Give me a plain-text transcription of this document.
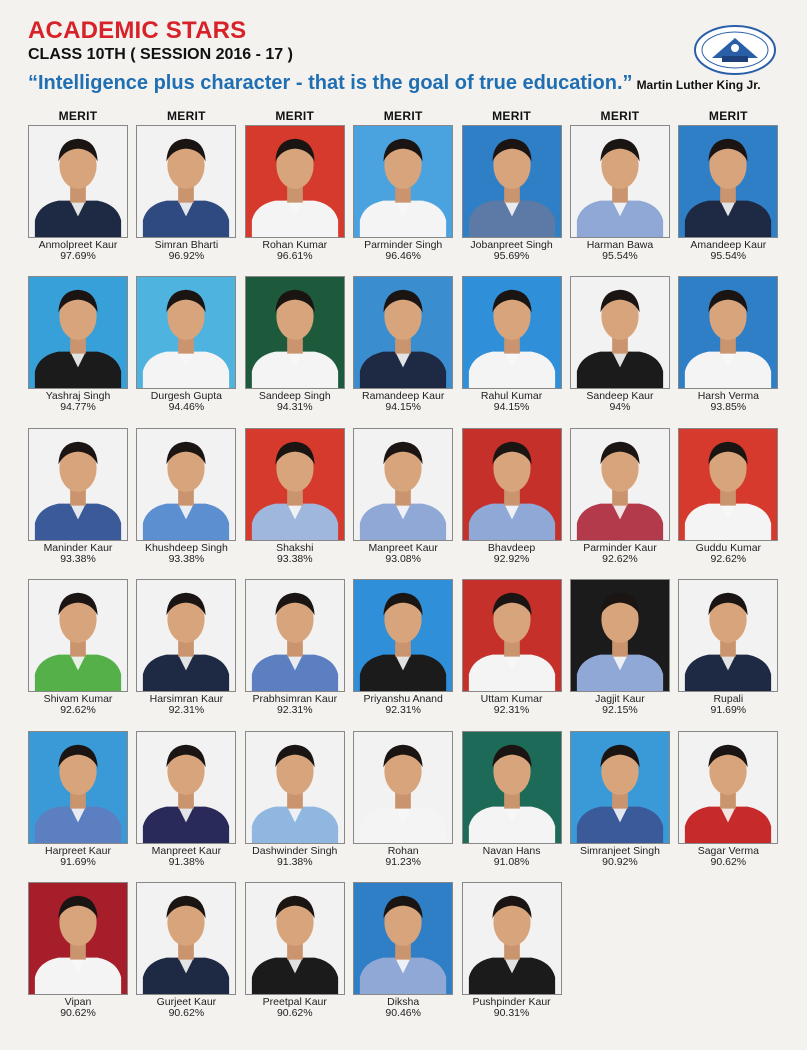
ACADEMIC STARS
CLASS 10TH ( SESSION 2016 - 17 )
“Intelligence plus character - that is the goal of true education.” Martin Luther King Jr.
MERIT
Anmolpreet Kaur
97.69%
MERIT
Simran Bharti
96.92%
MERIT
Rohan Kumar
96.61%
MERIT
Parminder Singh
96.46%
MERIT
Jobanpreet Singh
95.69%
MERIT
Harman Bawa
95.54%
MERIT
Amandeep Kaur
95.54%
Yashraj Singh
94.77%
Durgesh Gupta
94.46%
Sandeep Singh
94.31%
Ramandeep Kaur
94.15%
Rahul Kumar
94.15%
Sandeep Kaur
94%
Harsh Verma
93.85%
Maninder Kaur
93.38%
Khushdeep Singh
93.38%
Shakshi
93.38%
Manpreet Kaur
93.08%
Bhavdeep
92.92%
Parminder Kaur
92.62%
Guddu Kumar
92.62%
Shivam Kumar
92.62%
Harsimran Kaur
92.31%
Prabhsimran Kaur
92.31%
Priyanshu Anand
92.31%
Uttam Kumar
92.31%
Jagjit Kaur
92.15%
Rupali
91.69%
Harpreet Kaur
91.69%
Manpreet Kaur
91.38%
Dashwinder Singh
91.38%
Rohan
91.23%
Navan Hans
91.08%
Simranjeet Singh
90.92%
Sagar Verma
90.62%
Vipan
90.62%
Gurjeet Kaur
90.62%
Preetpal Kaur
90.62%
Diksha
90.46%
Pushpinder Kaur
90.31%
